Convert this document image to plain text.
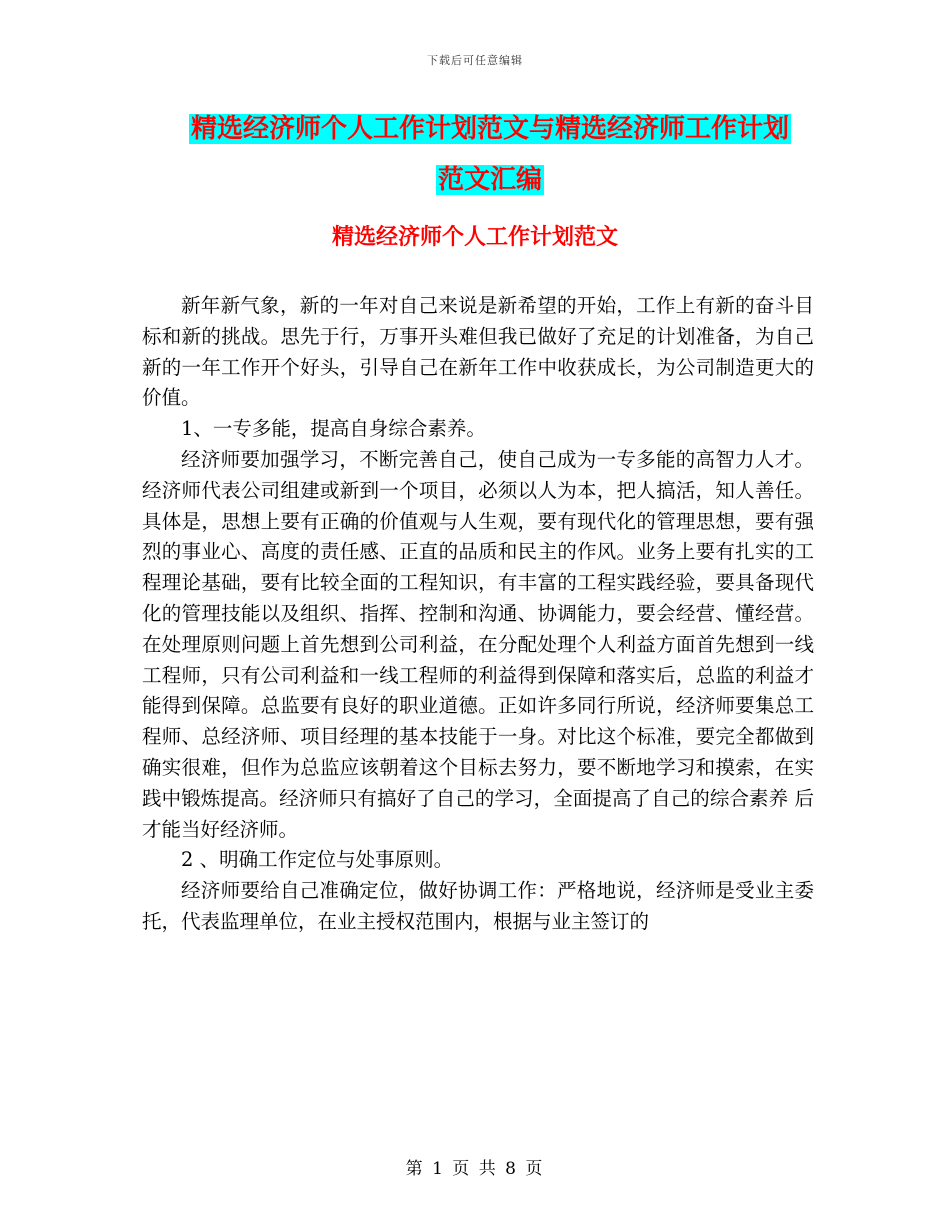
下载后可任意编辑
精选经济师个人工作计划范文与精选经济师工作计划
范文汇编
精选经济师个人工作计划范文

新年新气象，新的一年对自己来说是新希望的开始，工作上有新的奋斗目标和新的挑战。思先于行，万事开头难但我已做好了充足的计划准备，为自己新的一年工作开个好头，引导自己在新年工作中收获成长，为公司制造更大的价值。

1、一专多能，提高自身综合素养。

经济师要加强学习，不断完善自己，使自己成为一专多能的高智力人才。经济师代表公司组建或新到一个项目，必须以人为本，把人搞活，知人善任。具体是，思想上要有正确的价值观与人生观，要有现代化的管理思想，要有强烈的事业心、高度的责任感、正直的品质和民主的作风。业务上要有扎实的工程理论基础，要有比较全面的工程知识，有丰富的工程实践经验，要具备现代化的管理技能以及组织、指挥、控制和沟通、协调能力，要会经营、懂经营。在处理原则问题上首先想到公司利益，在分配处理个人利益方面首先想到一线工程师，只有公司利益和一线工程师的利益得到保障和落实后，总监的利益才能得到保障。总监要有良好的职业道德。正如许多同行所说，经济师要集总工程师、总经济师、项目经理的基本技能于一身。对比这个标准，要完全都做到确实很难，但作为总监应该朝着这个目标去努力，要不断地学习和摸索，在实践中锻炼提高。经济师只有搞好了自己的学习，全面提高了自己的综合素养 后才能当好经济师。

2 、明确工作定位与处事原则。

经济师要给自己准确定位，做好协调工作：严格地说，经济师是受业主委托，代表监理单位，在业主授权范围内，根据与业主签订的

第 1 页 共 8 页
